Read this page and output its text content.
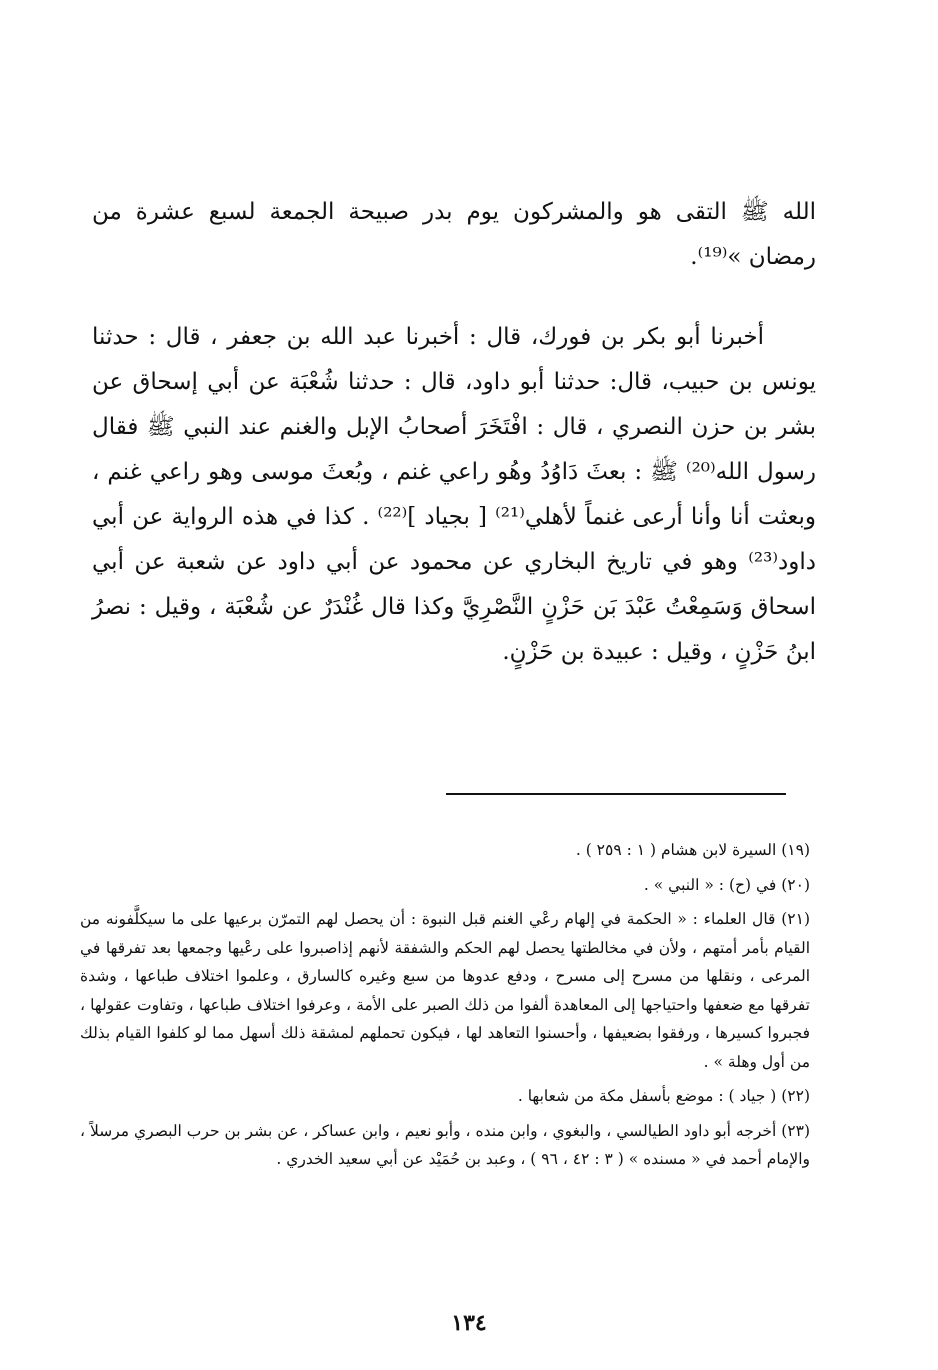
الله ﷺ التقى هو والمشركون يوم بدر صبيحة الجمعة لسبع عشرة من رمضان »⁽¹⁹⁾.

أخبرنا أبو بكر بن فورك، قال : أخبرنا عبد الله بن جعفر ، قال : حدثنا يونس بن حبيب، قال: حدثنا أبو داود، قال : حدثنا شُعْبَة عن أبي إسحاق عن بشر بن حزن النصري ، قال : افْتَخَرَ أصحابُ الإبل والغنم عند النبي ﷺ فقال رسول الله⁽²⁰⁾ ﷺ : بعثَ دَاوُدُ وهُو راعي غنم ، وبُعثَ موسى وهو راعي غنم ، وبعثت أنا وأنا أرعى غنماً لأهلي⁽²¹⁾ [ بجياد ]⁽²²⁾ . كذا في هذه الرواية عن أبي داود⁽²³⁾ وهو في تاريخ البخاري عن محمود عن أبي داود عن شعبة عن أبي اسحاق وَسَمِعْتُ عَبْدَ بَن حَزْنٍ النَّصْرِيَّ وكذا قال غُنْدَرٌ عن شُعْبَة ، وقيل : نصرُ ابنُ حَزْنٍ ، وقيل : عبيدة بن حَزْنٍ.

(١٩) السيرة لابن هشام ( ١ : ٢٥٩ ) .

(٢٠) في (ح) : « النبي » .

(٢١) قال العلماء : « الحكمة في إلهام رعْي الغنم قبل النبوة : أن يحصل لهم التمرّن برعيها على ما سيكلَّفونه من القيام بأمر أمتهم ، ولأن في مخالطتها يحصل لهم الحكم والشفقة لأنهم إذاصبروا على رعْيها وجمعها بعد تفرقها في المرعى ، ونقلها من مسرح إلى مسرح ، ودفع عدوها من سبع وغيره كالسارق ، وعلموا اختلاف طباعها ، وشدة تفرقها مع ضعفها واحتياجها إلى المعاهدة ألفوا من ذلك الصبر على الأمة ، وعرفوا اختلاف طباعها ، وتفاوت عقولها ، فجبروا كسيرها ، ورفقوا بضعيفها ، وأحسنوا التعاهد لها ، فيكون تحملهم لمشقة ذلك أسهل مما لو كلفوا القيام بذلك من أول وهلة » .

(٢٢) ( جياد ) : موضع بأسفل مكة من شعابها .

(٢٣) أخرجه أبو داود الطيالسي ، والبغوي ، وابن منده ، وأبو نعيم ، وابن عساكر ، عن بشر بن حرب البصري مرسلاً ، والإمام أحمد في « مسنده » ( ٣ : ٤٢ ، ٩٦ ) ، وعبد بن حُمَيْد عن أبي سعيد الخدري .

١٣٤
